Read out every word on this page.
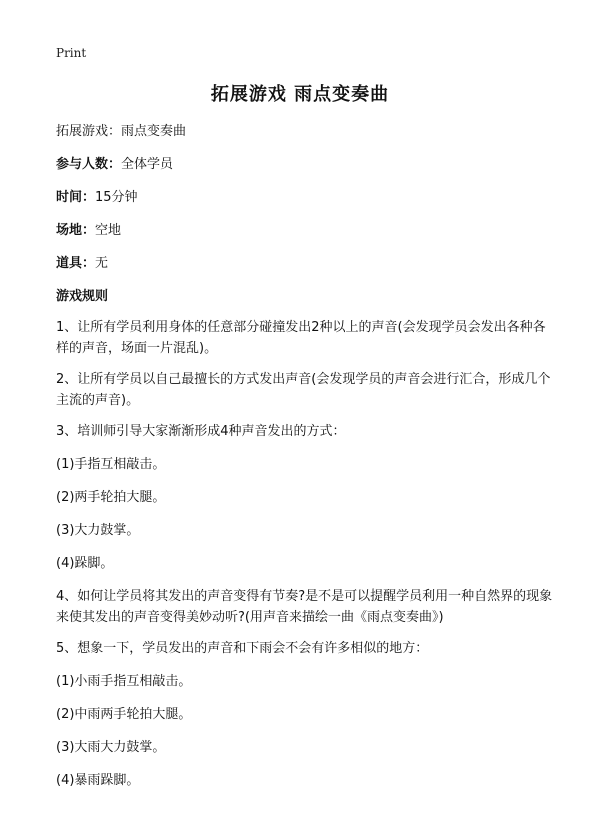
Print
拓展游戏 雨点变奏曲
拓展游戏：雨点变奏曲
参与人数：全体学员
时间：15分钟
场地：空地
道具：无
游戏规则
1、让所有学员利用身体的任意部分碰撞发出2种以上的声音(会发现学员会发出各种各样的声音，场面一片混乱)。
2、让所有学员以自己最擅长的方式发出声音(会发现学员的声音会进行汇合，形成几个主流的声音)。
3、培训师引导大家渐渐形成4种声音发出的方式：
(1)手指互相敲击。
(2)两手轮拍大腿。
(3)大力鼓掌。
(4)跺脚。
4、如何让学员将其发出的声音变得有节奏?是不是可以提醒学员利用一种自然界的现象来使其发出的声音变得美妙动听?(用声音来描绘一曲《雨点变奏曲》)
5、想象一下，学员发出的声音和下雨会不会有许多相似的地方：
(1)小雨手指互相敲击。
(2)中雨两手轮拍大腿。
(3)大雨大力鼓掌。
(4)暴雨跺脚。
